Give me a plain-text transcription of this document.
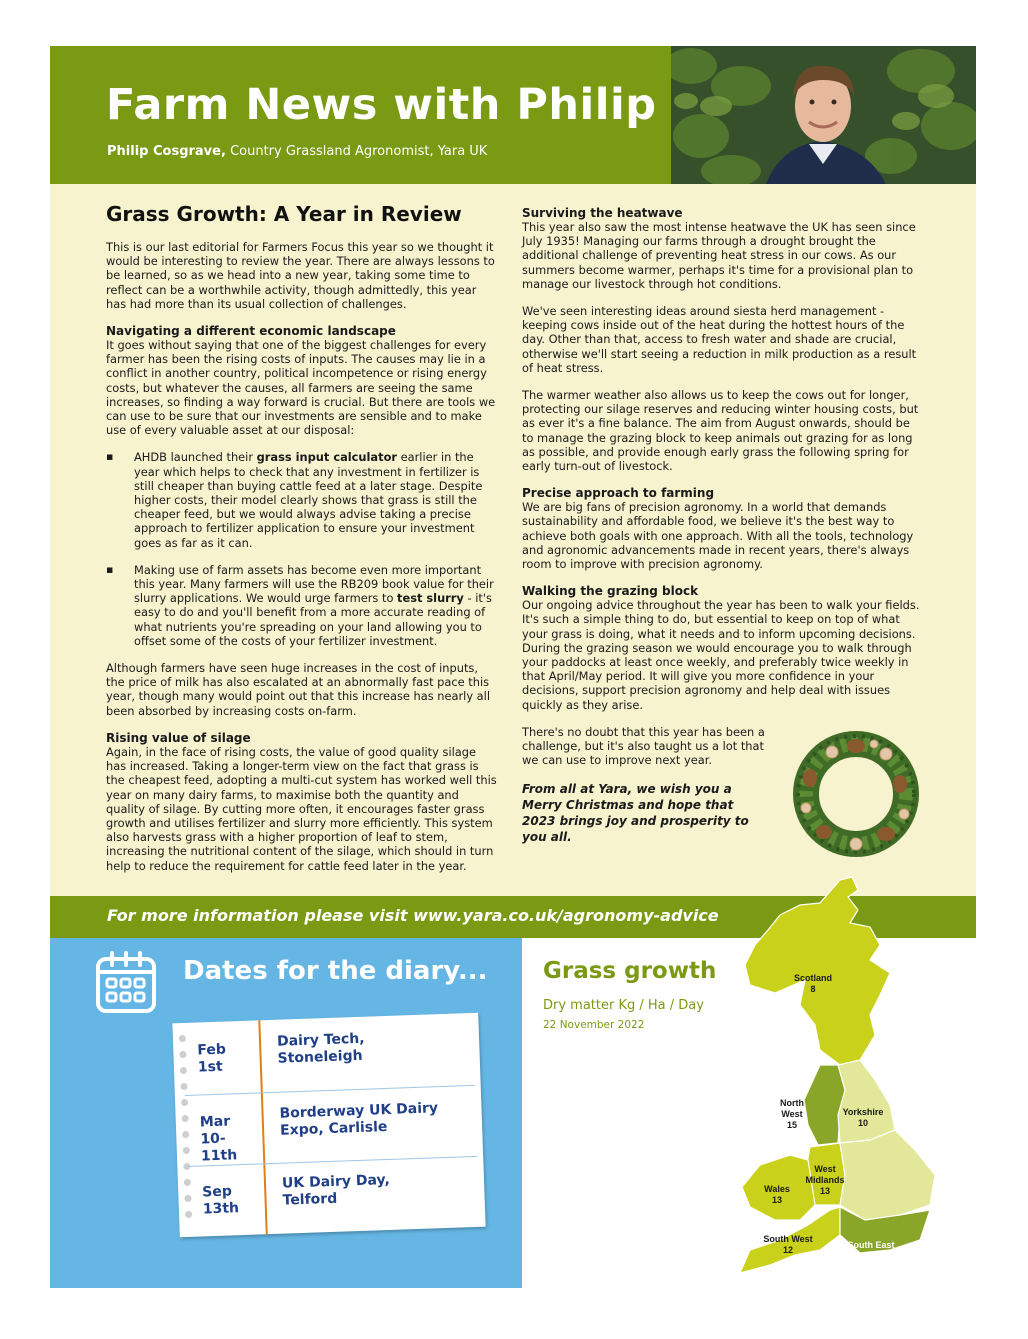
Farm News with Philip
Philip Cosgrave, Country Grassland Agronomist, Yara UK
Grass Growth: A Year in Review

This is our last editorial for Farmers Focus this year so we thought it would be interesting to review the year. There are always lessons to be learned, so as we head into a new year, taking some time to reflect can be a worthwhile activity, though admittedly, this year has had more than its usual collection of challenges.

Navigating a different economic landscape

It goes without saying that one of the biggest challenges for every farmer has been the rising costs of inputs. The causes may lie in a conflict in another country, political incompetence or rising energy costs, but whatever the causes, all farmers are seeing the same increases, so finding a way forward is crucial. But there are tools we can use to be sure that our investments are sensible and to make use of every valuable asset at our disposal:

▪ AHDB launched their grass input calculator earlier in the year which helps to check that any investment in fertilizer is still cheaper than buying cattle feed at a later stage. Despite higher costs, their model clearly shows that grass is still the cheaper feed, but we would always advise taking a precise approach to fertilizer application to ensure your investment goes as far as it can.
▪ Making use of farm assets has become even more important this year. Many farmers will use the RB209 book value for their slurry applications. We would urge farmers to test slurry - it's easy to do and you'll benefit from a more accurate reading of what nutrients you're spreading on your land allowing you to offset some of the costs of your fertilizer investment.

Although farmers have seen huge increases in the cost of inputs, the price of milk has also escalated at an abnormally fast pace this year, though many would point out that this increase has nearly all been absorbed by increasing costs on-farm.

Rising value of silage

Again, in the face of rising costs, the value of good quality silage has increased. Taking a longer-term view on the fact that grass is the cheapest feed, adopting a multi-cut system has worked well this year on many dairy farms, to maximise both the quantity and quality of silage. By cutting more often, it encourages faster grass growth and utilises fertilizer and slurry more efficiently. This system also harvests grass with a higher proportion of leaf to stem, increasing the nutritional content of the silage, which should in turn help to reduce the requirement for cattle feed later in the year.

Surviving the heatwave

This year also saw the most intense heatwave the UK has seen since July 1935! Managing our farms through a drought brought the additional challenge of preventing heat stress in our cows. As our summers become warmer, perhaps it's time for a provisional plan to manage our livestock through hot conditions.

We've seen interesting ideas around siesta herd management - keeping cows inside out of the heat during the hottest hours of the day. Other than that, access to fresh water and shade are crucial, otherwise we'll start seeing a reduction in milk production as a result of heat stress.

The warmer weather also allows us to keep the cows out for longer, protecting our silage reserves and reducing winter housing costs, but as ever it's a fine balance. The aim from August onwards, should be to manage the grazing block to keep animals out grazing for as long as possible, and provide enough early grass the following spring for early turn-out of livestock.

Precise approach to farming

We are big fans of precision agronomy. In a world that demands sustainability and affordable food, we believe it's the best way to achieve both goals with one approach. With all the tools, technology and agronomic advancements made in recent years, there's always room to improve with precision agronomy.

Walking the grazing block

Our ongoing advice throughout the year has been to walk your fields. It's such a simple thing to do, but essential to keep on top of what your grass is doing, what it needs and to inform upcoming decisions. During the grazing season we would encourage you to walk through your paddocks at least once weekly, and preferably twice weekly in that April/May period. It will give you more confidence in your decisions, support precision agronomy and help deal with issues quickly as they arise.

There's no doubt that this year has been a challenge, but it's also taught us a lot that we can use to improve next year.

From all at Yara, we wish you a Merry Christmas and hope that 2023 brings joy and prosperity to you all.
For more information please visit www.yara.co.uk/agronomy-advice
Dates for the diary...
Feb
1st
Dairy Tech,
Stoneleigh
Mar
10-11th
Borderway UK Dairy
Expo, Carlisle
Sep
13th
UK Dairy Day,
Telford
Grass growth
Dry matter Kg / Ha / Day
22 November 2022
Scotland
8
North
West
15
Yorkshire
10
West
Midlands
13
Wales
13
South West
12	South East
18
